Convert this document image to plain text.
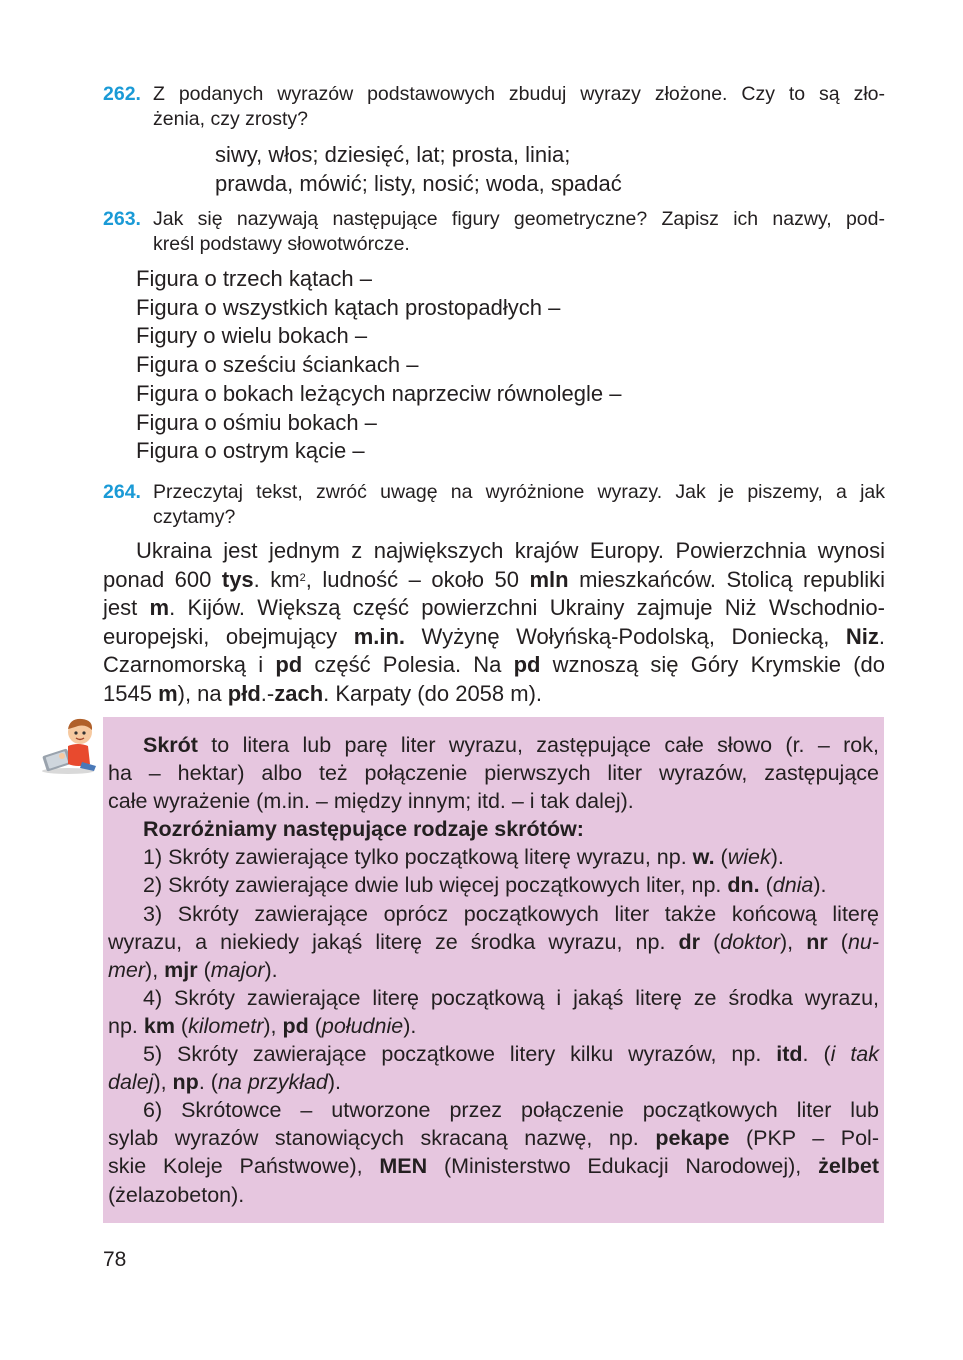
262. Z podanych wyrazów podstawowych zbuduj wyrazy złożone. Czy to są zło-
żenia, czy zrosty?
siwy, włos; dziesięć, lat; prosta, linia;
prawda, mówić; listy, nosić; woda, spadać
263. Jak się nazywają następujące figury geometryczne? Zapisz ich nazwy, pod-
kreśl podstawy słowotwórcze.
Figura o trzech kątach –
Figura o wszystkich kątach prostopadłych –
Figury o wielu bokach –
Figura o sześciu ściankach –
Figura o bokach leżących naprzeciw równolegle –
Figura o ośmiu bokach –
Figura o ostrym kącie –
264. Przeczytaj tekst, zwróć uwagę na wyróżnione wyrazy. Jak je piszemy, a jak
czytamy?
Ukraina jest jednym z największych krajów Europy. Powierzchnia wynosi
ponad 600 tys. $km^2$, ludność – około 50 mln mieszkańców. Stolicą republiki
jest m. Kijów. Większą część powierzchni Ukrainy zajmuje Niż Wschodnio-
europejski, obejmujący m.in. Wyżynę Wołyńską-Podolską, Doniecką, Niz.
Czarnomorską i pd część Polesia. Na pd wznoszą się Góry Krymskie (do
1545 m), na płd.-zach. Karpaty (do 2058 m).
Skrót to litera lub parę liter wyrazu, zastępujące całe słowo (r. – rok,
ha – hektar) albo też połączenie pierwszych liter wyrazów, zastępujące
całe wyrażenie (m.in. – między innym; itd. – i tak dalej).
Rozróżniamy następujące rodzaje skrótów:
1) Skróty zawierające tylko początkową literę wyrazu, np. w. (wiek).
2) Skróty zawierające dwie lub więcej początkowych liter, np. dn. (dnia).
3) Skróty zawierające oprócz początkowych liter także końcową literę
wyrazu, a niekiedy jakąś literę ze środka wyrazu, np. dr (doktor), nr (nu-
mer), mjr (major).
4) Skróty zawierające literę początkową i jakąś literę ze środka wyrazu,
np. km (kilometr), pd (południe).
5) Skróty zawierające początkowe litery kilku wyrazów, np. itd. (i tak
dalej), np. (na przykład).
6) Skrótowce – utworzone przez połączenie początkowych liter lub
sylab wyrazów stanowiących skracaną nazwę, np. pekape (PKP – Pol-
skie Koleje Państwowe), MEN (Ministerstwo Edukacji Narodowej), żelbet
(żelazobeton).
78
